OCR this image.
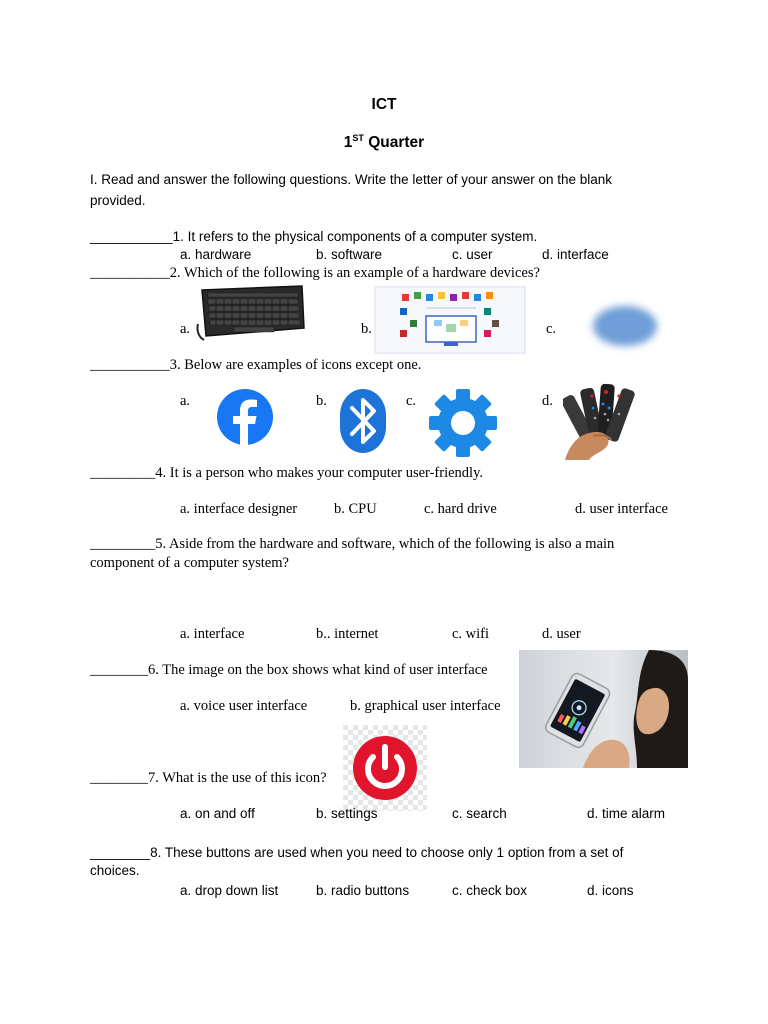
ICT
1ST Quarter
I. Read and answer the following questions. Write the letter of your answer on the blank
provided.
___________1. It refers to the physical components of a computer system.
a. hardware	b. software	c. user	d. interface
___________2. Which of the following is an example of a hardware devices?
a.	b.	c.
___________3. Below are examples of icons except one.
a.	b.	c.	d.
_________4. It is a person who makes your computer user-friendly.
a. interface designer	b. CPU	c. hard drive	d. user interface
_________5. Aside from the hardware and software, which of the following is also a main
component of a computer system?
a. interface	b.. internet	c. wifi	d. user
________6. The image on the box shows what kind of user interface
a. voice user interface	b. graphical user interface
________7. What is the use of this icon?
a. on and off	b. settings	c. search	d. time alarm
________8. These buttons are used when you need to choose only 1 option from a set of
choices.
a. drop down list	b. radio buttons	c. check box	d. icons
